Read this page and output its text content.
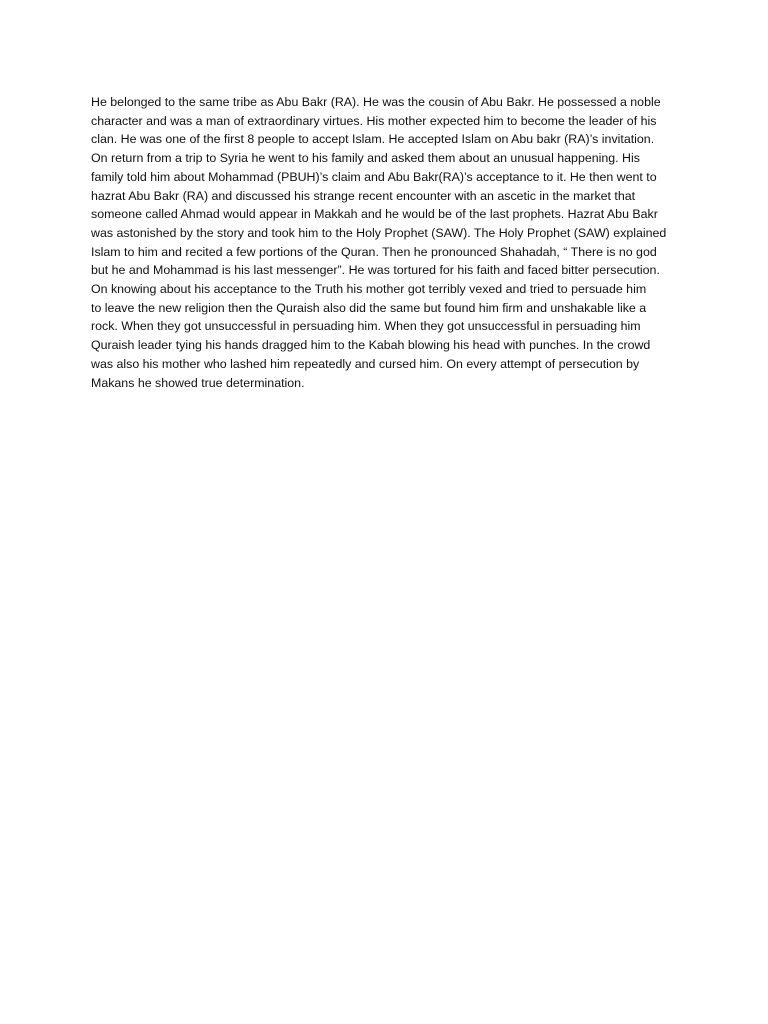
He belonged to the same tribe as Abu Bakr (RA). He was the cousin of Abu Bakr. He possessed a noble
character and was a man of extraordinary virtues. His mother expected him to become the leader of his
clan. He was one of the first 8 people to accept Islam. He accepted Islam on Abu bakr (RA)’s invitation.
On return from a trip to Syria he went to his family and asked them about an unusual happening. His
family told him about Mohammad (PBUH)’s claim and Abu Bakr(RA)’s acceptance to it. He then went to
hazrat Abu Bakr (RA) and discussed his strange recent encounter with an ascetic in the market that
someone called Ahmad would appear in Makkah and he would be of the last prophets. Hazrat Abu Bakr
was astonished by the story and took him to the Holy Prophet (SAW). The Holy Prophet (SAW) explained
Islam to him and recited a few portions of the Quran. Then he pronounced Shahadah, “ There is no god
but he and Mohammad is his last messenger”. He was tortured for his faith and faced bitter persecution.
On knowing about his acceptance to the Truth his mother got terribly vexed and tried to persuade him
to leave the new religion then the Quraish also did the same but found him firm and unshakable like a
rock. When they got unsuccessful in persuading him. When they got unsuccessful in persuading him
Quraish leader tying his hands dragged him to the Kabah blowing his head with punches. In the crowd
was also his mother who lashed him repeatedly and cursed him. On every attempt of persecution by
Makans he showed true determination.
